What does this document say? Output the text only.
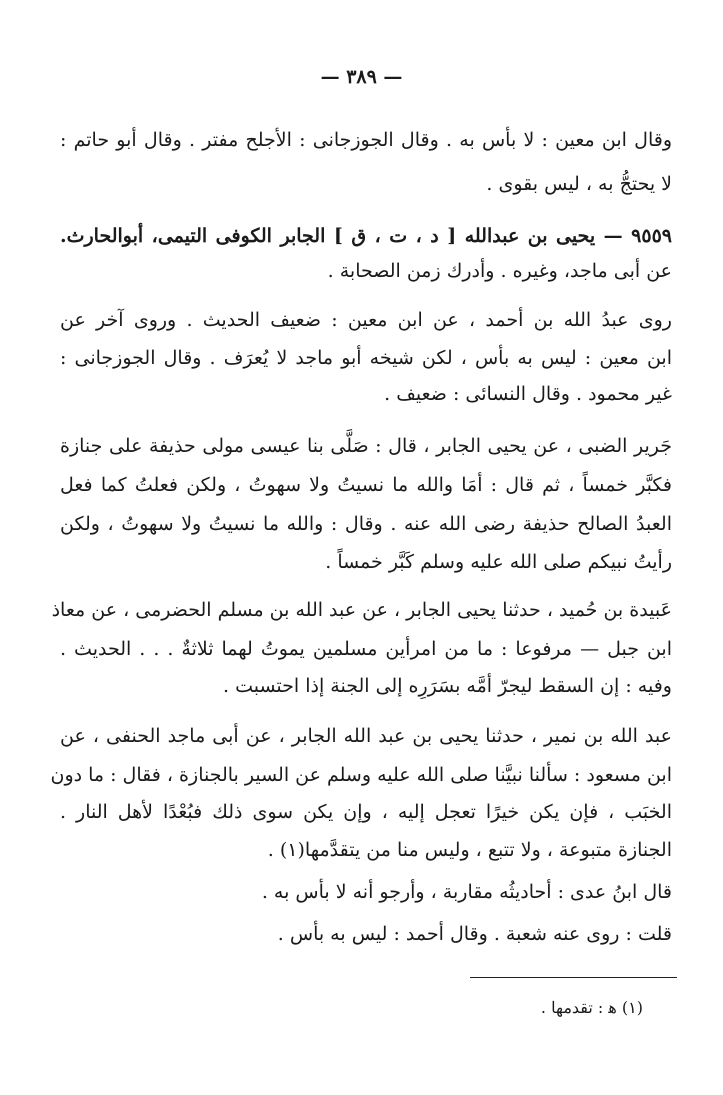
— ٣٨٩ —
وقال ابن معين : لا بأس به . وقال الجوزجانى : الأجلح مفتر . وقال أبو حاتم :
لا يحتجُّ به ، ليس بقوى .
٩٥٥٩ — يحيى بن عبدالله [ د ، ت ، ق ] الجابر الكوفى التيمى، أبوالحارث.
عن أبى ماجد، وغيره . وأدرك زمن الصحابة .
روى عبدُ الله بن أحمد ، عن ابن معين : ضعيف الحديث . وروى آخر عن
ابن معين : ليس به بأس ، لكن شيخه أبو ماجد لا يُعرَف . وقال الجوزجانى :
غير محمود . وقال النسائى : ضعيف .
جَرير الضبى ، عن يحيى الجابر ، قال : صَلَّى بنا عيسى مولى حذيفة على جنازة
فكبَّر خمساً ، ثم قال : أمَا والله ما نسيتُ ولا سهوتُ ، ولكن فعلتُ كما فعل
العبدُ الصالح حذيفة رضى الله عنه . وقال : والله ما نسيتُ ولا سهوتُ ، ولكن
رأيتُ نبيكم صلى الله عليه وسلم كَبَّر خمساً .
عَبيدة بن حُميد ، حدثنا يحيى الجابر ، عن عبد الله بن مسلم الحضرمى ، عن معاذ
ابن جبل — مرفوعا : ما من امرأين مسلمين يموتُ لهما ثلاثةٌ . . . الحديث .
وفيه : إن السقط ليجرّ أمَّه بسَرَرِه إلى الجنة إذا احتسبت .
عبد الله بن نمير ، حدثنا يحيى بن عبد الله الجابر ، عن أبى ماجد الحنفى ، عن
ابن مسعود : سألنا نبيَّنا صلى الله عليه وسلم عن السير بالجنازة ، فقال : ما دون
الخبَب ، فإن يكن خيرًا تعجل إليه ، وإن يكن سوى ذلك فبُعْدًا لأهل النار .
الجنازة متبوعة ، ولا تتبع ، وليس منا من يتقدَّمها(١) .
قال ابنُ عدى : أحاديثُه مقاربة ، وأرجو أنه لا بأس به .
قلت : روى عنه شعبة . وقال أحمد : ليس به بأس .
(١) ﻫ : تقدمها .
